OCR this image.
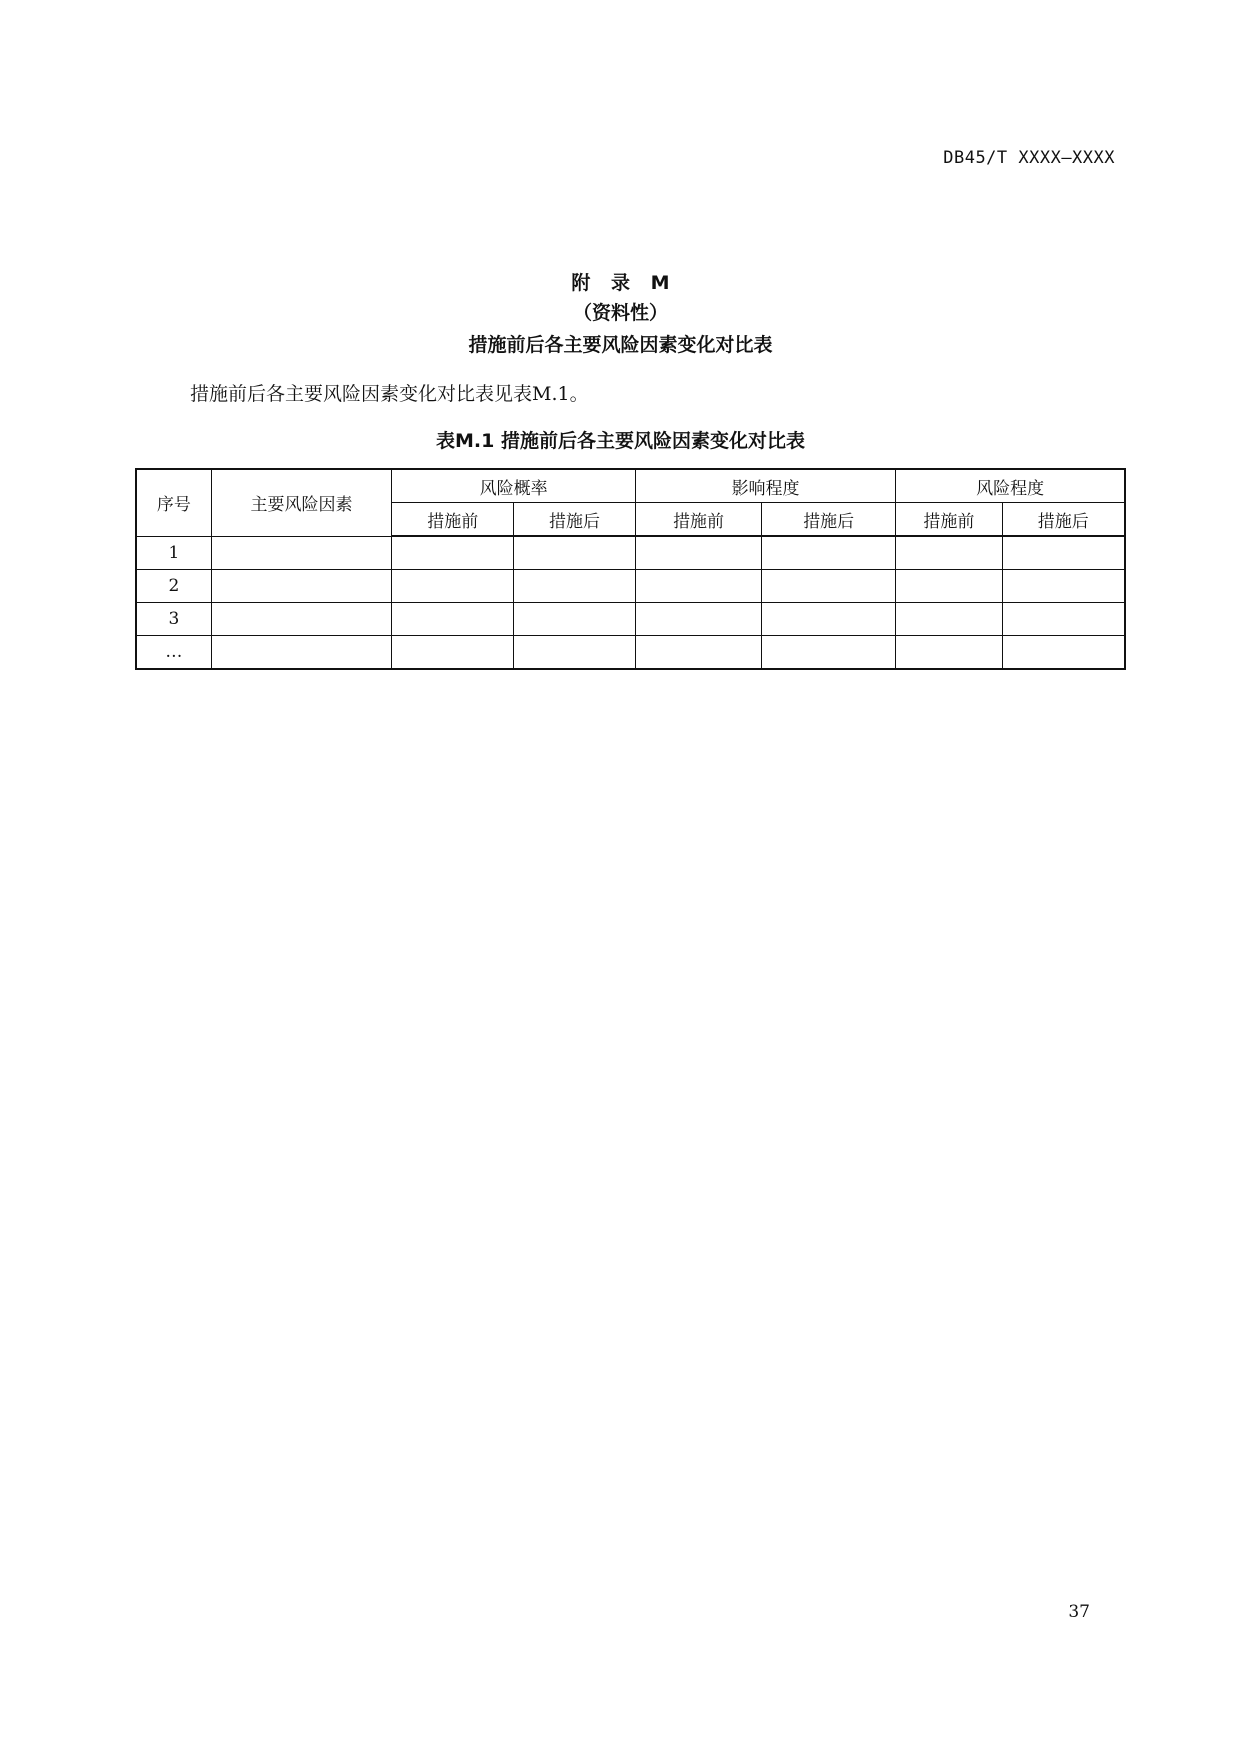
DB45/T XXXX—XXXX
附 录 M
（资料性）
措施前后各主要风险因素变化对比表
措施前后各主要风险因素变化对比表见表M.1。
表M.1 措施前后各主要风险因素变化对比表
序号	主要风险因素	风险概率		影响程度		风险程度	
		措施前	措施后	措施前	措施后	措施前	措施后
1							
2							
3							
…							
37
